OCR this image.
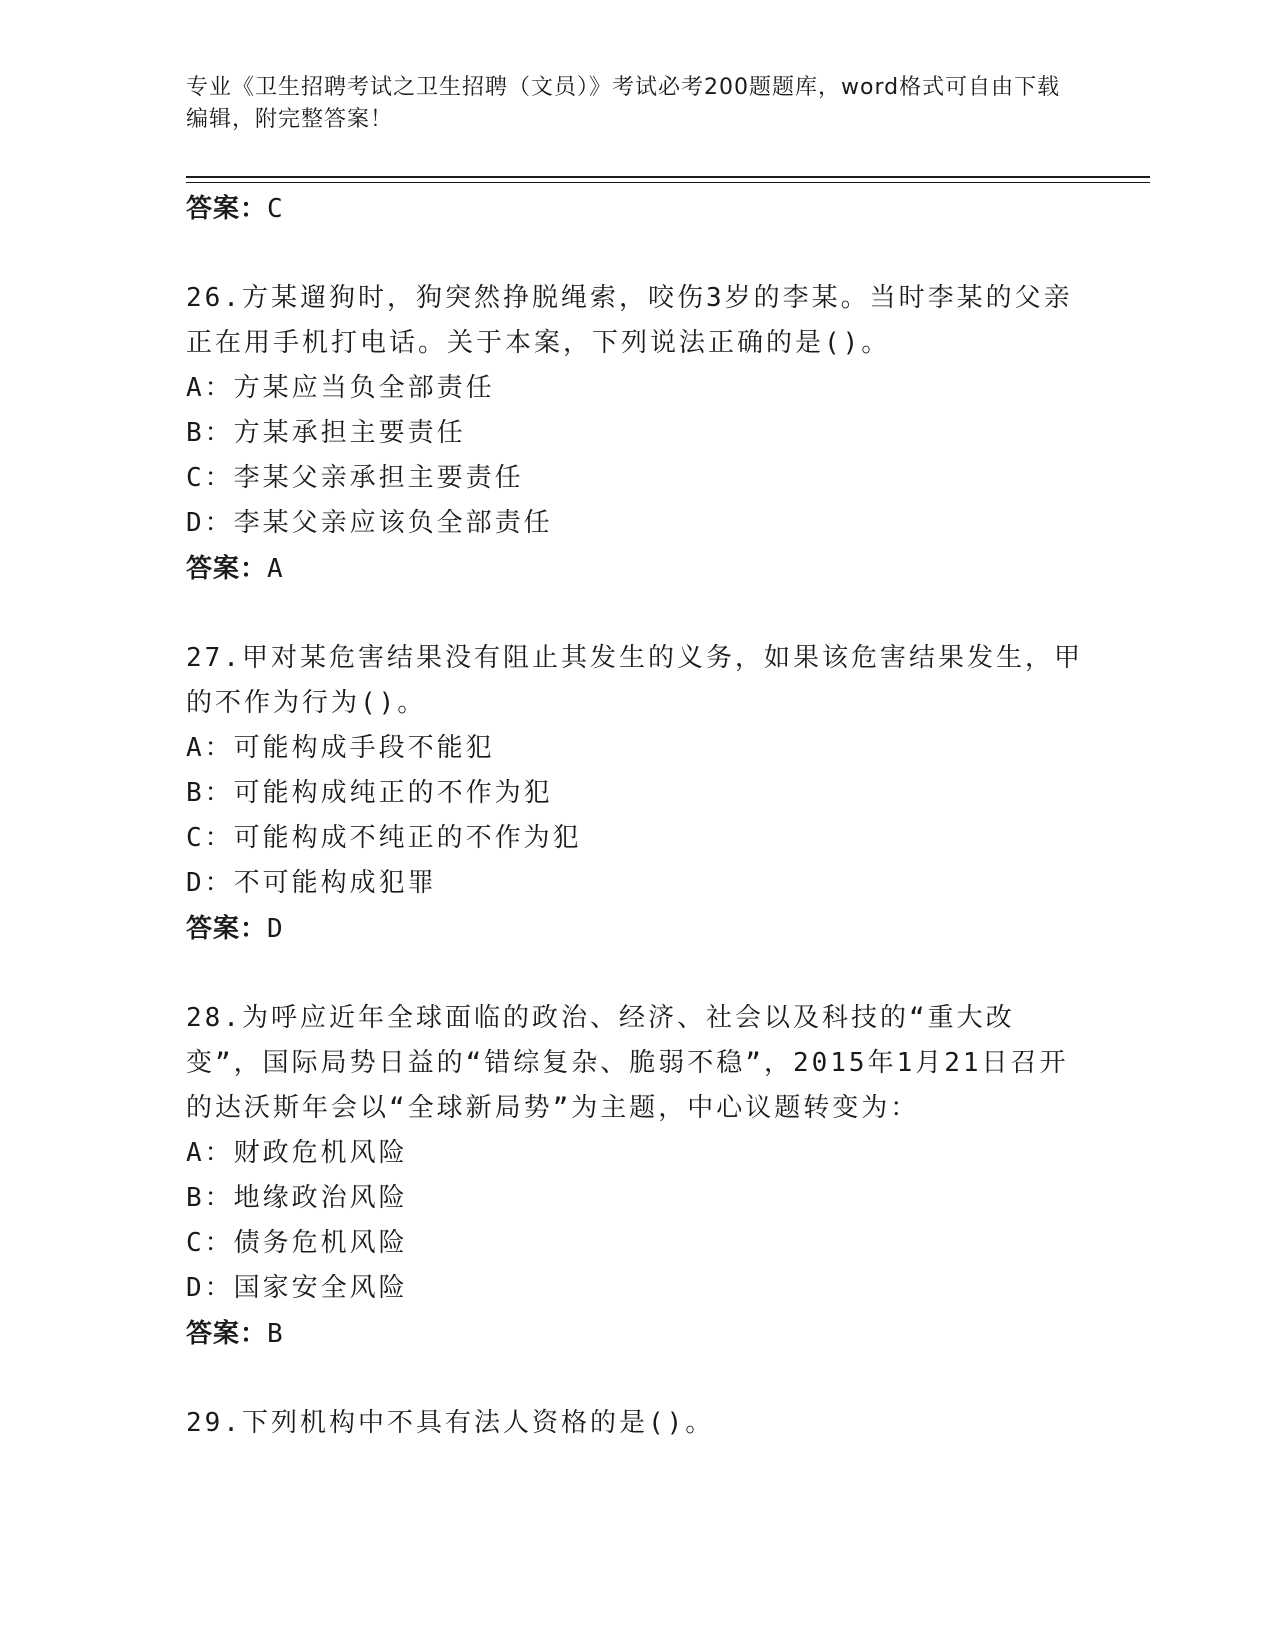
专业《卫生招聘考试之卫生招聘（文员）》考试必考200题题库，word格式可自由下载编辑，附完整答案！
答案：C

26.方某遛狗时，狗突然挣脱绳索，咬伤3岁的李某。当时李某的父亲正在用手机打电话。关于本案，下列说法正确的是()。

A：方某应当负全部责任

B：方某承担主要责任

C：李某父亲承担主要责任

D：李某父亲应该负全部责任

答案：A

27.甲对某危害结果没有阻止其发生的义务，如果该危害结果发生，甲的不作为行为()。

A：可能构成手段不能犯

B：可能构成纯正的不作为犯

C：可能构成不纯正的不作为犯

D：不可能构成犯罪

答案：D

28.为呼应近年全球面临的政治、经济、社会以及科技的“重大改变”，国际局势日益的“错综复杂、脆弱不稳”，2015年1月21日召开的达沃斯年会以“全球新局势”为主题，中心议题转变为：

A：财政危机风险

B：地缘政治风险

C：债务危机风险

D：国家安全风险

答案：B

29.下列机构中不具有法人资格的是()。
